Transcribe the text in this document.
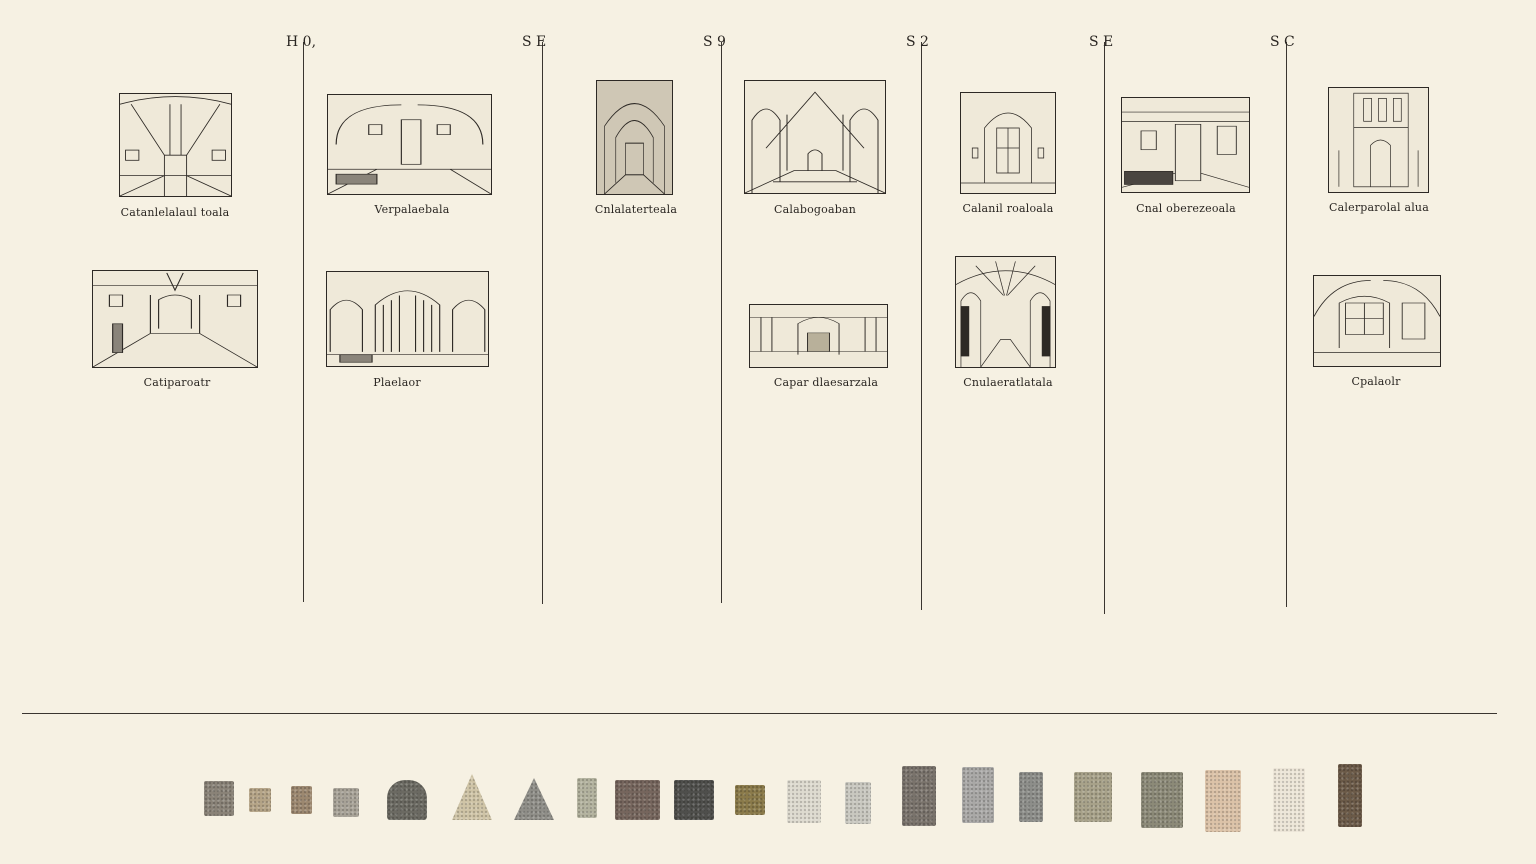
H 0,	S E	S 9	S 2	S E	S C
Catanlelalaul toala
Catiparoatr
Verpalaebala
Plaelaor
Cnlalaterteala	Calabogoaban
Capar dlaesarzala
Calanil roaloala
Cnulaeratlatala
Cnal oberezeoala	Calerparolal alua
Cpalaolr
